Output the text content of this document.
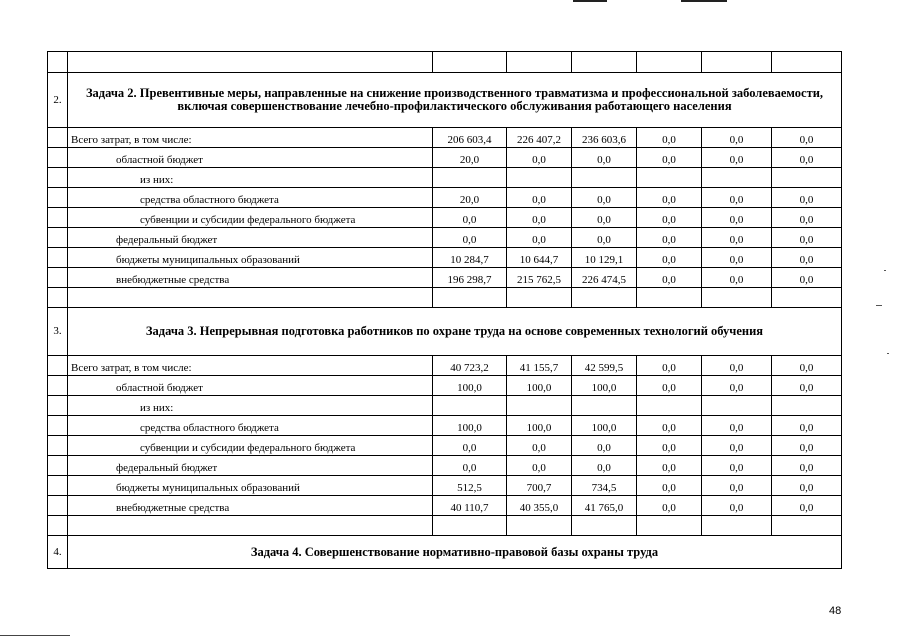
2.	Задача 2. Превентивные меры, направленные на снижение производственного травматизма и профессиональной заболеваемости, включая совершенствование лечебно-профилактического обслуживания работающего населения						
	Всего затрат, в том числе:	206 603,4	226 407,2	236 603,6	0,0	0,0	0,0
	областной бюджет	20,0	0,0	0,0	0,0	0,0	0,0
	из них:						
	средства областного бюджета	20,0	0,0	0,0	0,0	0,0	0,0
	субвенции и субсидии федерального бюджета	0,0	0,0	0,0	0,0	0,0	0,0
	федеральный бюджет	0,0	0,0	0,0	0,0	0,0	0,0
	бюджеты муниципальных образований	10 284,7	10 644,7	10 129,1	0,0	0,0	0,0
	внебюджетные средства	196 298,7	215 762,5	226 474,5	0,0	0,0	0,0

3.	Задача 3. Непрерывная подготовка работников по охране труда на основе современных технологий обучения						
	Всего затрат, в том числе:	40 723,2	41 155,7	42 599,5	0,0	0,0	0,0
	областной бюджет	100,0	100,0	100,0	0,0	0,0	0,0
	из них:						
	средства областного бюджета	100,0	100,0	100,0	0,0	0,0	0,0
	субвенции и субсидии федерального бюджета	0,0	0,0	0,0	0,0	0,0	0,0
	федеральный бюджет	0,0	0,0	0,0	0,0	0,0	0,0
	бюджеты муниципальных образований	512,5	700,7	734,5	0,0	0,0	0,0
	внебюджетные средства	40 110,7	40 355,0	41 765,0	0,0	0,0	0,0

4.	Задача 4. Совершенствование нормативно-правовой базы охраны труда						
48
